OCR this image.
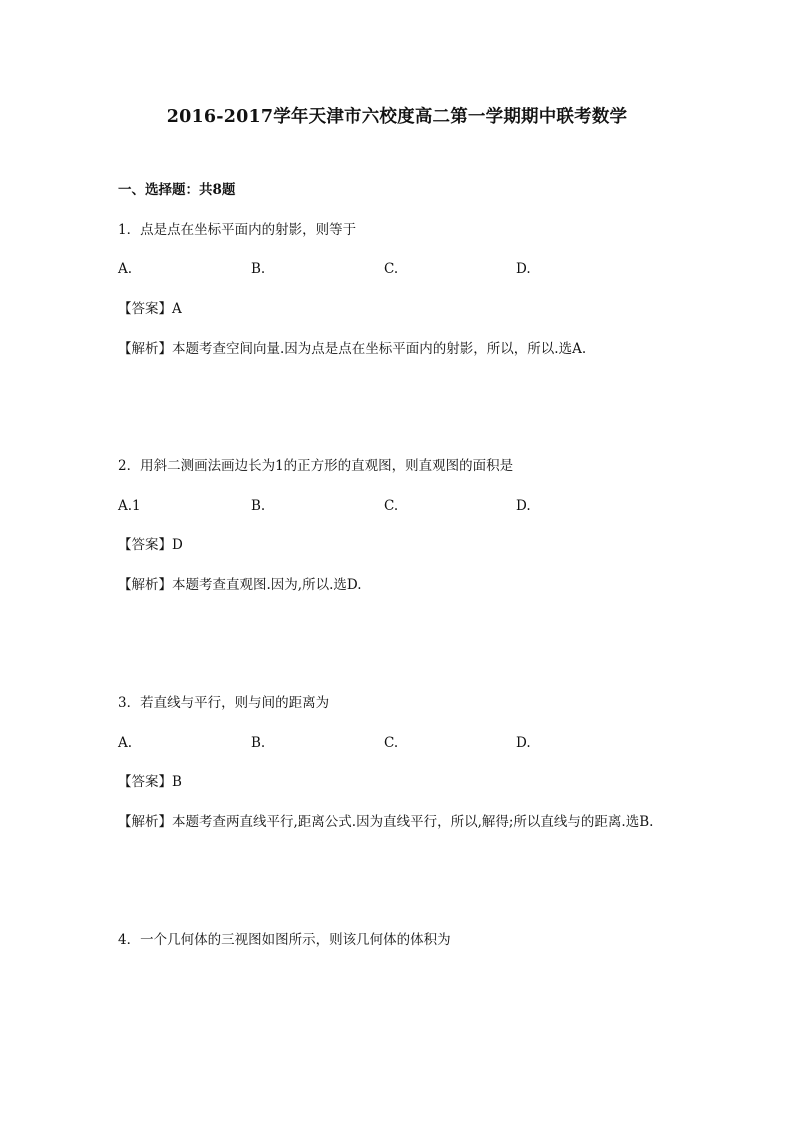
2016-2017学年天津市六校度高二第一学期期中联考数学
一、选择题：共8题
1．点是点在坐标平面内的射影，则等于
A.	B.	C.	D.
【答案】A
【解析】本题考查空间向量.因为点是点在坐标平面内的射影，所以，所以.选A.
2．用斜二测画法画边长为1的正方形的直观图，则直观图的面积是
A.1	B.	C.	D.
【答案】D
【解析】本题考查直观图.因为,所以.选D.
3．若直线与平行，则与间的距离为
A.	B.	C.	D.
【答案】B
【解析】本题考查两直线平行,距离公式.因为直线平行，所以,解得;所以直线与的距离.选B.
4．一个几何体的三视图如图所示，则该几何体的体积为
